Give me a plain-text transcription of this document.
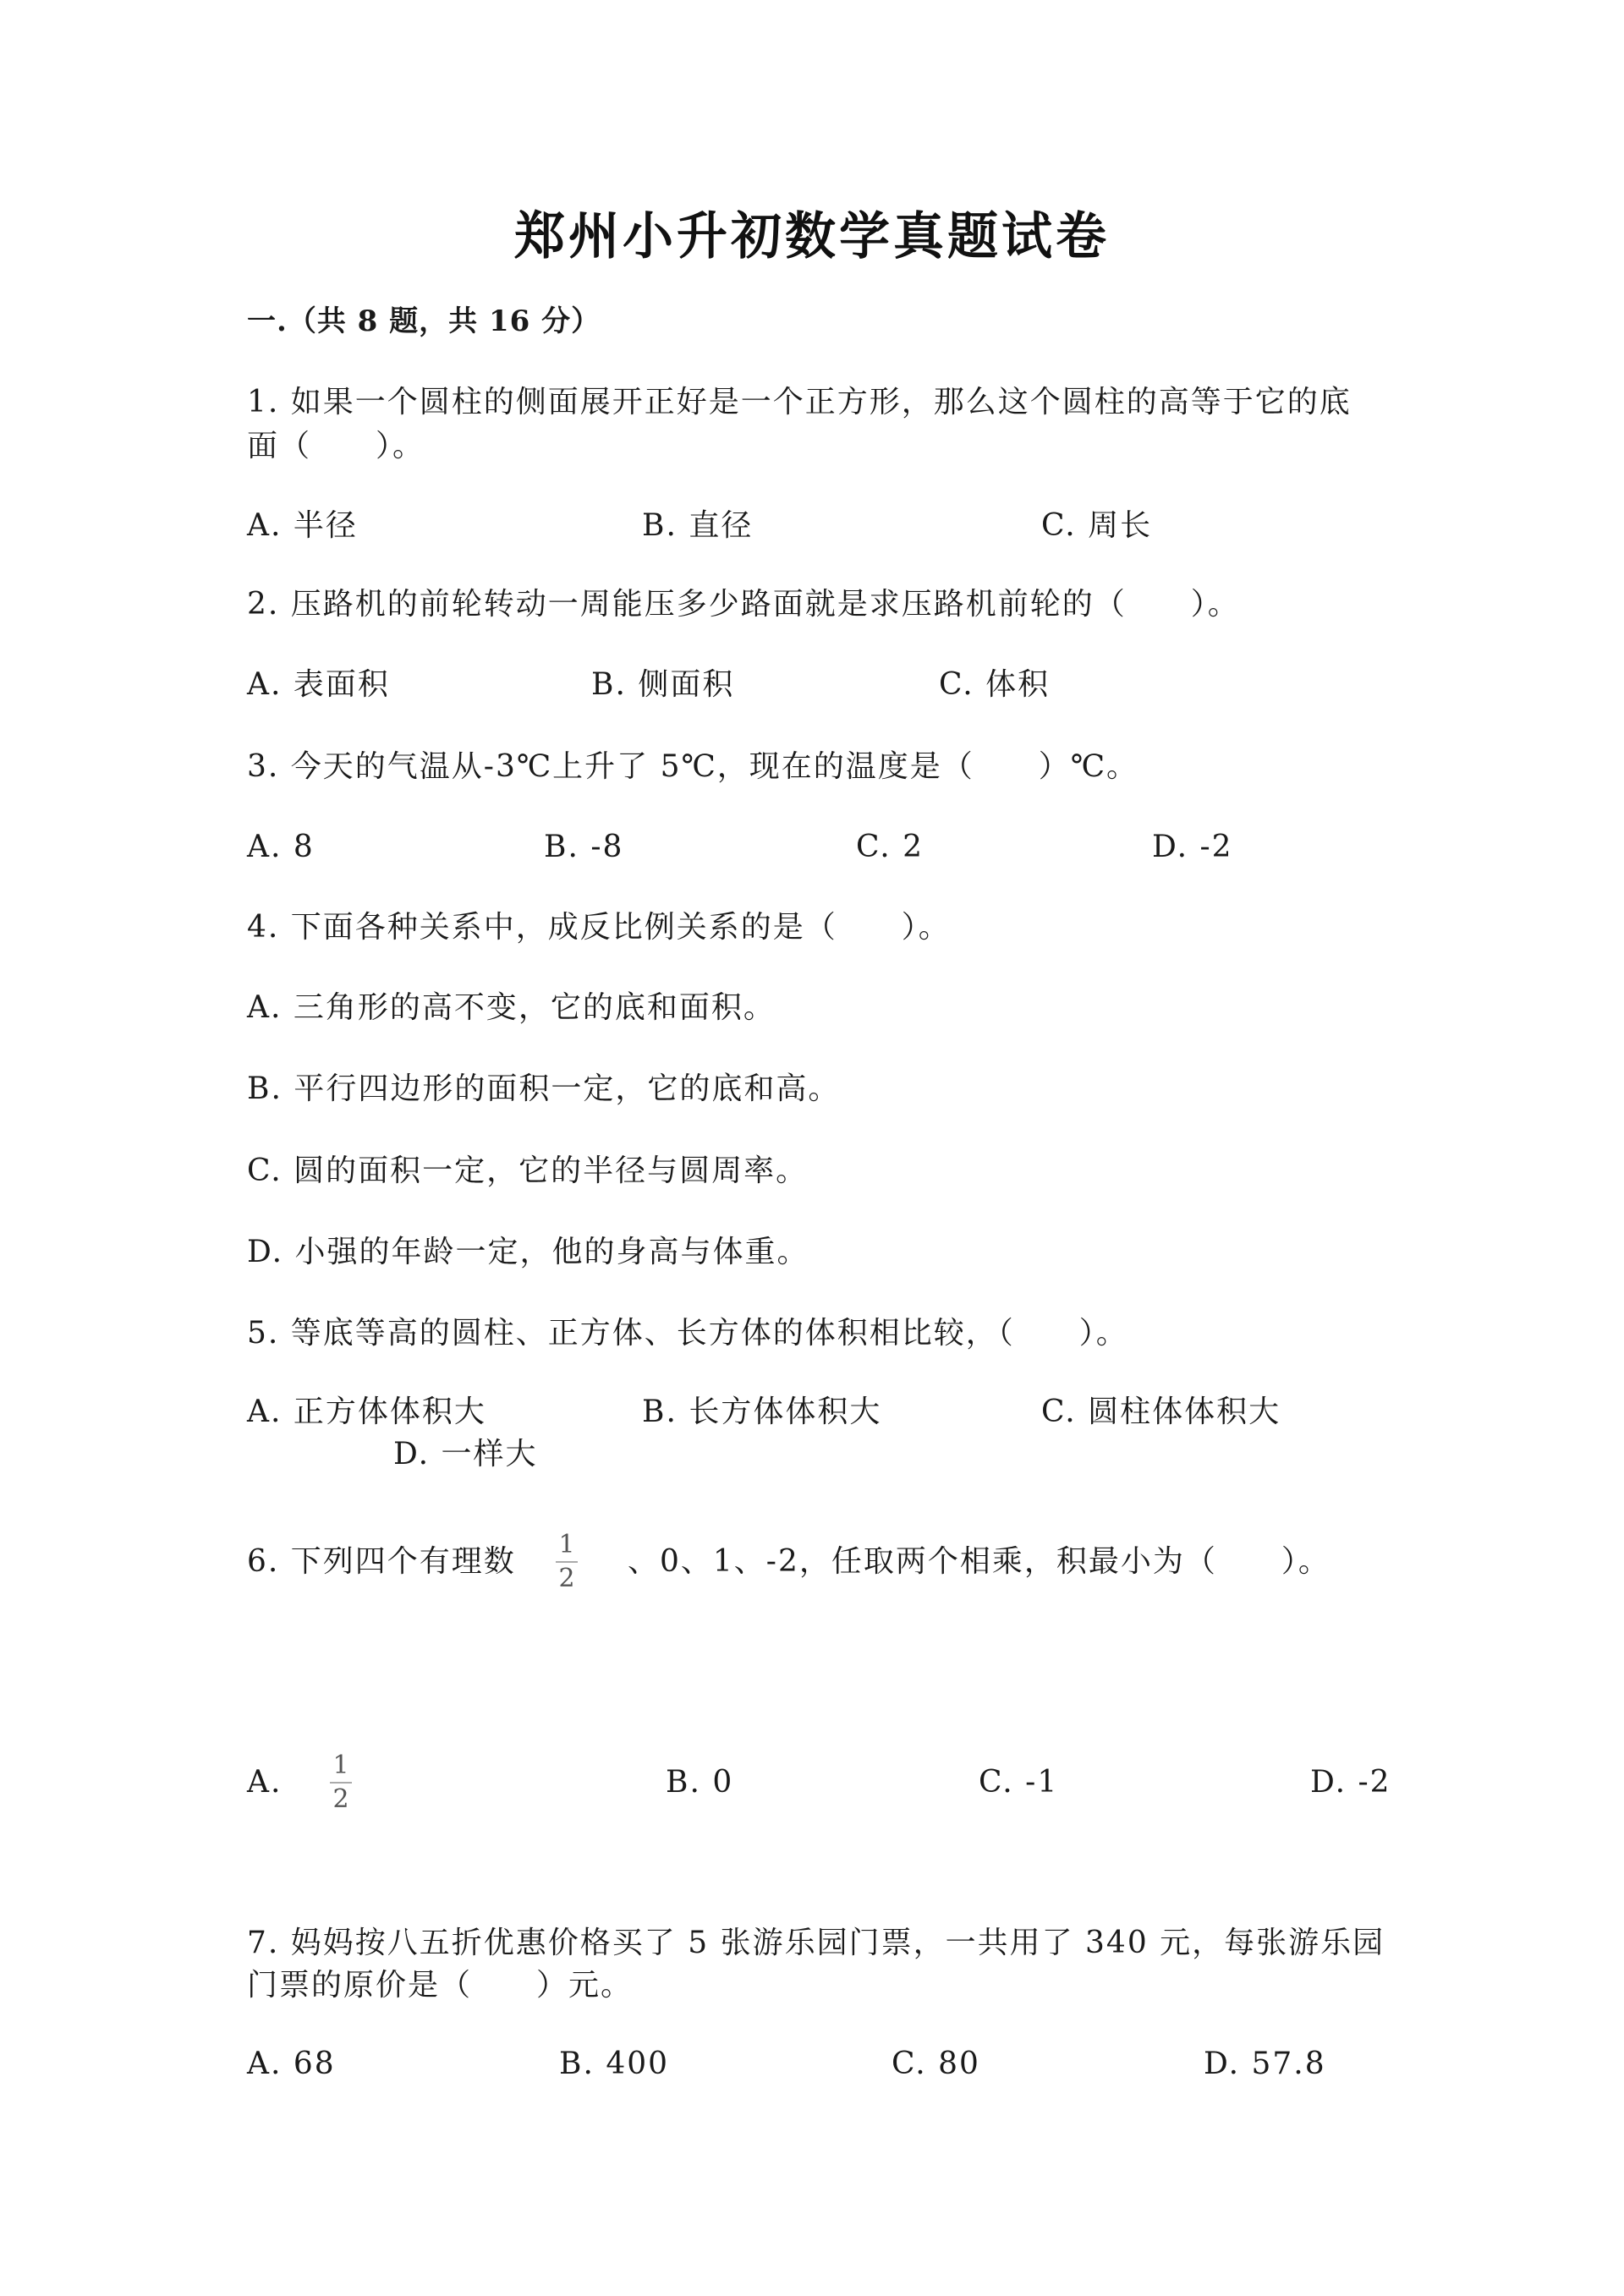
郑州小升初数学真题试卷
一.（共 8 题，共 16 分）
1. 如果一个圆柱的侧面展开正好是一个正方形，那么这个圆柱的高等于它的底
面（　　）。
A. 半径	B. 直径	C. 周长
2. 压路机的前轮转动一周能压多少路面就是求压路机前轮的（　　）。
A. 表面积	B. 侧面积	C. 体积
3. 今天的气温从-3℃上升了 5℃，现在的温度是（　　）℃。
A. 8	B. -8	C. 2	D. -2
4. 下面各种关系中，成反比例关系的是（　　）。
A. 三角形的高不变，它的底和面积。
B. 平行四边形的面积一定，它的底和高。
C. 圆的面积一定，它的半径与圆周率。
D. 小强的年龄一定，他的身高与体重。
5. 等底等高的圆柱、正方体、长方体的体积相比较，（　　）。
A. 正方体体积大	B. 长方体体积大	C. 圆柱体体积大
D. 一样大
6. 下列四个有理数 1
2 、0、1、-2，任取两个相乘，积最小为（　　）。
A. 1
2	B. 0	C. -1	D. -2
7. 妈妈按八五折优惠价格买了 5 张游乐园门票，一共用了 340 元，每张游乐园
门票的原价是（　　）元。
A. 68	B. 400	C. 80	D. 57.8
